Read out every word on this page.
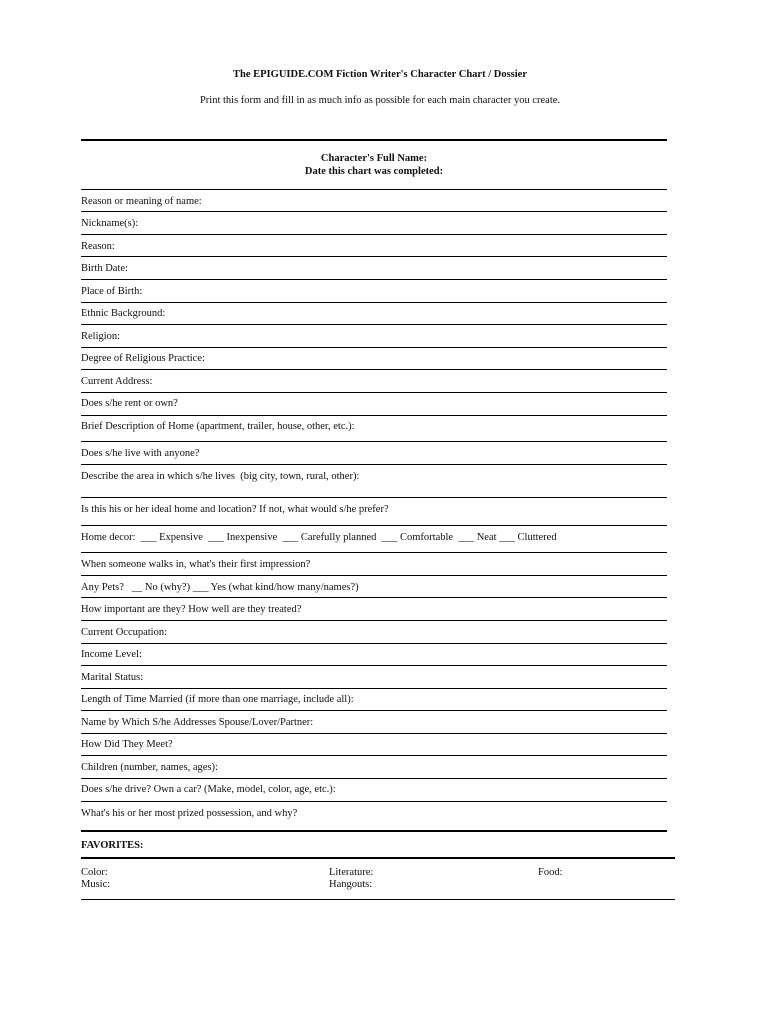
The EPIGUIDE.COM Fiction Writer's Character Chart / Dossier
Print this form and fill in as much info as possible for each main character you create.
Character's Full Name:
Date this chart was completed:
Reason or meaning of name:
Nickname(s):
Reason:
Birth Date:
Place of Birth:
Ethnic Background:
Religion:
Degree of Religious Practice:
Current Address:
Does s/he rent or own?
Brief Description of Home (apartment, trailer, house, other, etc.):
Does s/he live with anyone?
Describe the area in which s/he lives  (big city, town, rural, other):
Is this his or her ideal home and location? If not, what would s/he prefer?
Home decor:  ___ Expensive  ___ Inexpensive  ___ Carefully planned  ___ Comfortable  ___ Neat ___ Cluttered
When someone walks in, what's their first impression?
Any Pets?   __ No (why?) ___ Yes (what kind/how many/names?)
How important are they? How well are they treated?
Current Occupation:
Income Level:
Marital Status:
Length of Time Married (if more than one marriage, include all):
Name by Which S/he Addresses Spouse/Lover/Partner:
How Did They Meet?
Children (number, names, ages):
Does s/he drive? Own a car? (Make, model, color, age, etc.):
What's his or her most prized possession, and why?
FAVORITES:
Color:
Music:
Literature:
Hangouts:
Food:
